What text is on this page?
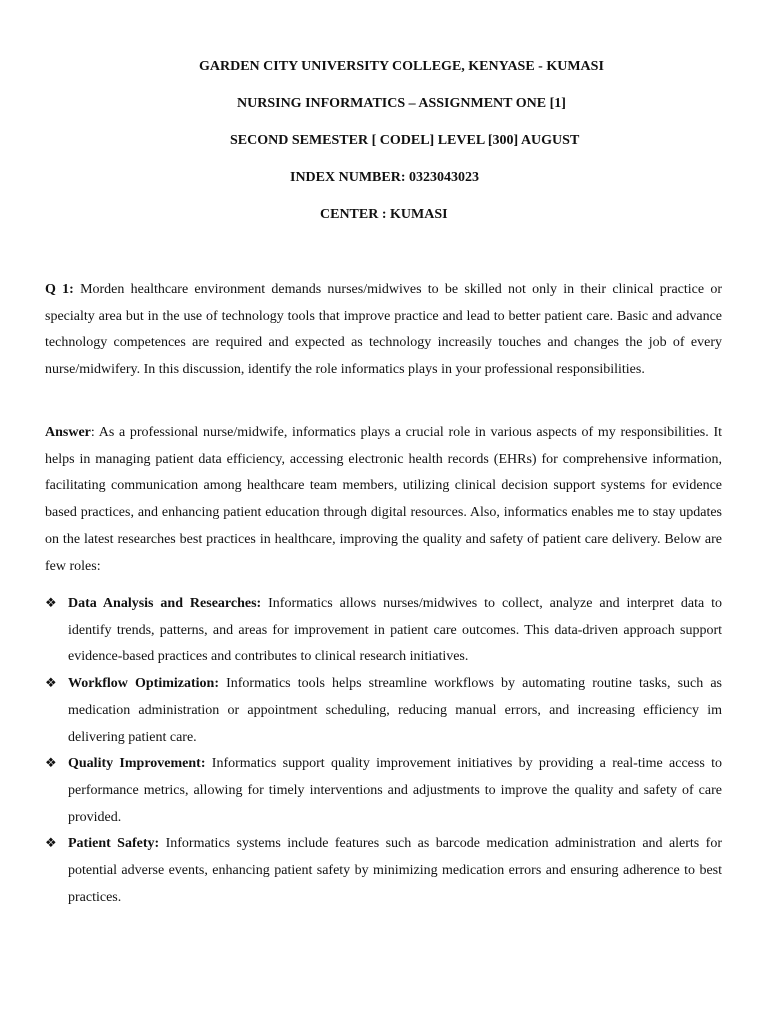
GARDEN CITY UNIVERSITY COLLEGE, KENYASE - KUMASI
NURSING INFORMATICS – ASSIGNMENT ONE [1]
SECOND SEMESTER [ CODEL] LEVEL [300] AUGUST
INDEX NUMBER: 0323043023
CENTER : KUMASI

Q 1: Morden healthcare environment demands nurses/midwives to be skilled not only in their clinical practice or specialty area but in the use of technology tools that improve practice and lead to better patient care. Basic and advance technology competences are required and expected as technology increasily touches and changes the job of every nurse/midwifery. In this discussion, identify the role informatics plays in your professional responsibilities.

Answer: As a professional nurse/midwife, informatics plays a crucial role in various aspects of my responsibilities. It helps in managing patient data efficiency, accessing electronic health records (EHRs) for comprehensive information, facilitating communication among healthcare team members, utilizing clinical decision support systems for evidence based practices, and enhancing patient education through digital resources. Also, informatics enables me to stay updates on the latest researches best practices in healthcare, improving the quality and safety of patient care delivery. Below are few roles:

❖ Data Analysis and Researches: Informatics allows nurses/midwives to collect, analyze and interpret data to identify trends, patterns, and areas for improvement in patient care outcomes. This data-driven approach support evidence-based practices and contributes to clinical research initiatives.
❖ Workflow Optimization: Informatics tools helps streamline workflows by automating routine tasks, such as medication administration or appointment scheduling, reducing manual errors, and increasing efficiency im delivering patient care.
❖ Quality Improvement: Informatics support quality improvement initiatives by providing a real-time access to performance metrics, allowing for timely interventions and adjustments to improve the quality and safety of care provided.
❖ Patient Safety: Informatics systems include features such as barcode medication administration and alerts for potential adverse events, enhancing patient safety by minimizing medication errors and ensuring adherence to best practices.
